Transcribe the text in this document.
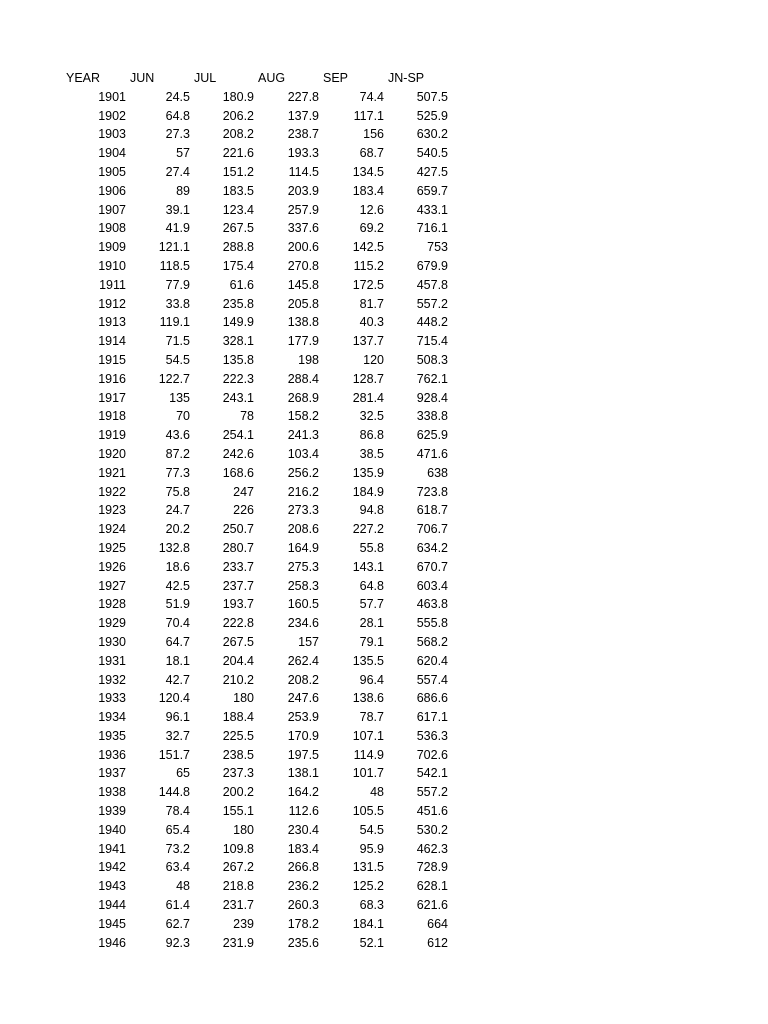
YEAR	JUN	JUL	AUG	SEP	JN-SP
1901	24.5	180.9	227.8	74.4	507.5
1902	64.8	206.2	137.9	117.1	525.9
1903	27.3	208.2	238.7	156	630.2
1904	57	221.6	193.3	68.7	540.5
1905	27.4	151.2	114.5	134.5	427.5
1906	89	183.5	203.9	183.4	659.7
1907	39.1	123.4	257.9	12.6	433.1
1908	41.9	267.5	337.6	69.2	716.1
1909	121.1	288.8	200.6	142.5	753
1910	118.5	175.4	270.8	115.2	679.9
1911	77.9	61.6	145.8	172.5	457.8
1912	33.8	235.8	205.8	81.7	557.2
1913	119.1	149.9	138.8	40.3	448.2
1914	71.5	328.1	177.9	137.7	715.4
1915	54.5	135.8	198	120	508.3
1916	122.7	222.3	288.4	128.7	762.1
1917	135	243.1	268.9	281.4	928.4
1918	70	78	158.2	32.5	338.8
1919	43.6	254.1	241.3	86.8	625.9
1920	87.2	242.6	103.4	38.5	471.6
1921	77.3	168.6	256.2	135.9	638
1922	75.8	247	216.2	184.9	723.8
1923	24.7	226	273.3	94.8	618.7
1924	20.2	250.7	208.6	227.2	706.7
1925	132.8	280.7	164.9	55.8	634.2
1926	18.6	233.7	275.3	143.1	670.7
1927	42.5	237.7	258.3	64.8	603.4
1928	51.9	193.7	160.5	57.7	463.8
1929	70.4	222.8	234.6	28.1	555.8
1930	64.7	267.5	157	79.1	568.2
1931	18.1	204.4	262.4	135.5	620.4
1932	42.7	210.2	208.2	96.4	557.4
1933	120.4	180	247.6	138.6	686.6
1934	96.1	188.4	253.9	78.7	617.1
1935	32.7	225.5	170.9	107.1	536.3
1936	151.7	238.5	197.5	114.9	702.6
1937	65	237.3	138.1	101.7	542.1
1938	144.8	200.2	164.2	48	557.2
1939	78.4	155.1	112.6	105.5	451.6
1940	65.4	180	230.4	54.5	530.2
1941	73.2	109.8	183.4	95.9	462.3
1942	63.4	267.2	266.8	131.5	728.9
1943	48	218.8	236.2	125.2	628.1
1944	61.4	231.7	260.3	68.3	621.6
1945	62.7	239	178.2	184.1	664
1946	92.3	231.9	235.6	52.1	612
